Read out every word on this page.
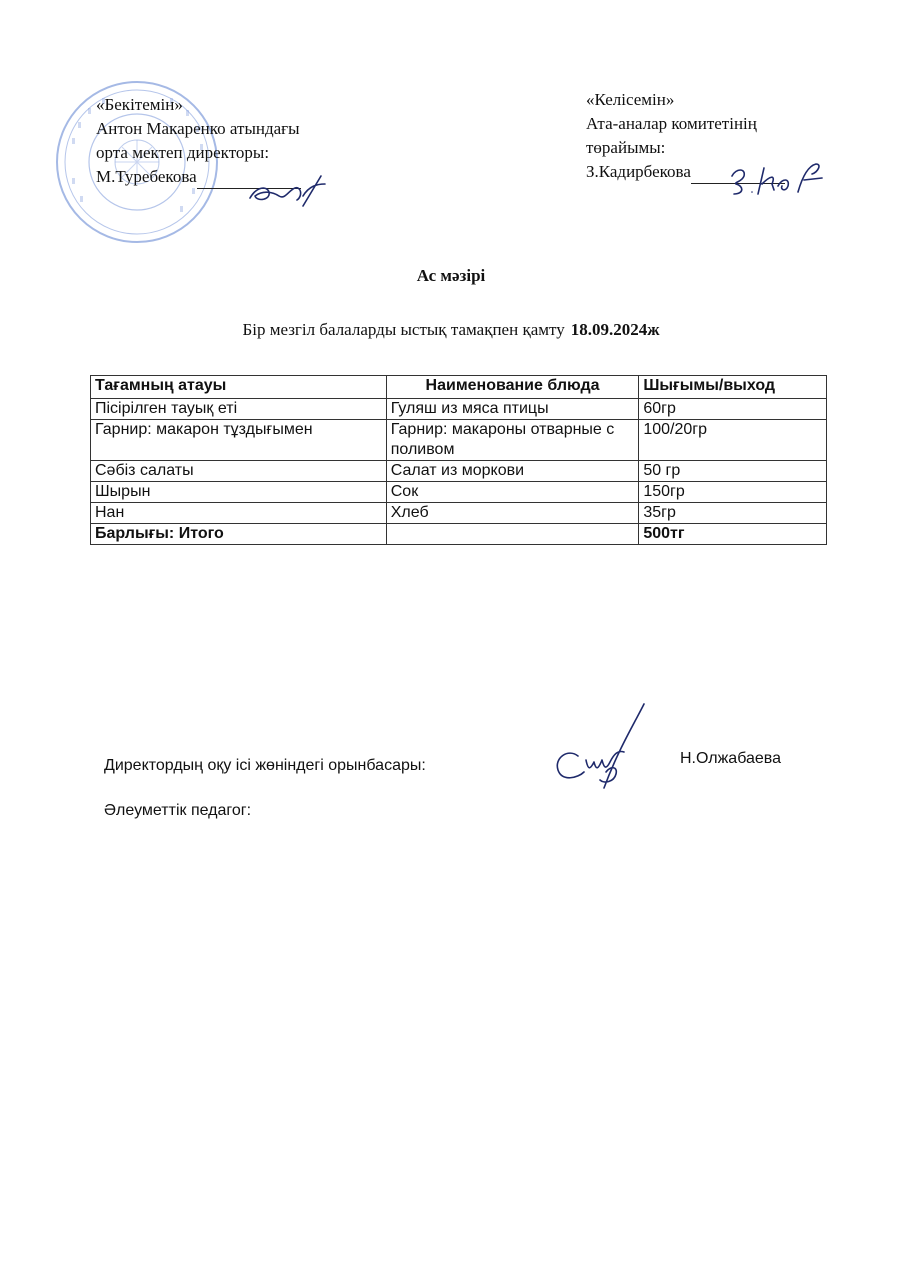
«Бекітемін»
Антон Макаренко атындағы
орта мектеп директоры:
М.Туребекова
«Келісемін»
Ата-аналар комитетінің
төрайымы:
З.Кадирбекова
Ас мәзірі
Бір мезгіл балаларды ыстық тамақпен қамту 18.09.2024ж
Тағамның атауы	Наименование блюда	Шығымы/выход
Пісірілген тауық еті	Гуляш из мяса птицы	60гр
Гарнир: макарон тұздығымен	Гарнир: макароны отварные с поливом	100/20гр
Сәбіз салаты	Салат из моркови	50 гр
Шырын	Сок	150гр
Нан	Хлеб	35гр
Барлығы: Итого		500тг
Директордың оқу ісі жөніндегі орынбасары:	Н.Олжабаева
Әлеуметтік педагог:
